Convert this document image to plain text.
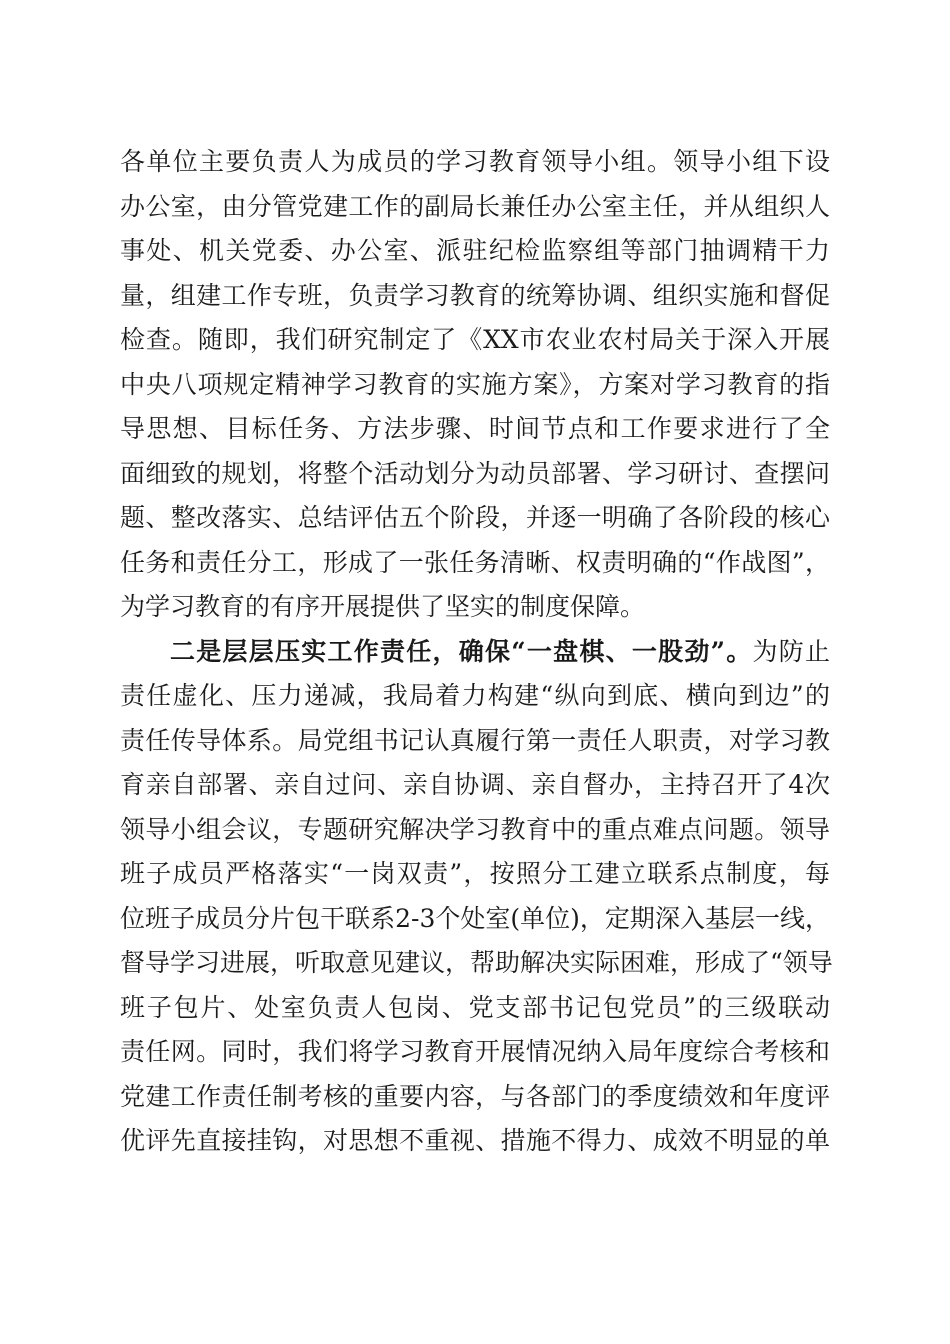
各单位主要负责人为成员的学习教育领导小组。领导小组下设
办公室，由分管党建工作的副局长兼任办公室主任，并从组织人
事处、机关党委、办公室、派驻纪检监察组等部门抽调精干力
量，组建工作专班，负责学习教育的统筹协调、组织实施和督促
检查。随即，我们研究制定了《XX市农业农村局关于深入开展
中央八项规定精神学习教育的实施方案》，方案对学习教育的指
导思想、目标任务、方法步骤、时间节点和工作要求进行了全
面细致的规划，将整个活动划分为动员部署、学习研讨、查摆问
题、整改落实、总结评估五个阶段，并逐一明确了各阶段的核心
任务和责任分工，形成了一张任务清晰、权责明确的“作战图”，
为学习教育的有序开展提供了坚实的制度保障。
二是层层压实工作责任，确保“一盘棋、一股劲”。为防止
责任虚化、压力递减，我局着力构建“纵向到底、横向到边”的
责任传导体系。局党组书记认真履行第一责任人职责，对学习教
育亲自部署、亲自过问、亲自协调、亲自督办，主持召开了4次
领导小组会议，专题研究解决学习教育中的重点难点问题。领导
班子成员严格落实“一岗双责”，按照分工建立联系点制度，每
位班子成员分片包干联系2-3个处室(单位)，定期深入基层一线，
督导学习进展，听取意见建议，帮助解决实际困难，形成了“领导
班子包片、处室负责人包岗、党支部书记包党员”的三级联动
责任网。同时，我们将学习教育开展情况纳入局年度综合考核和
党建工作责任制考核的重要内容，与各部门的季度绩效和年度评
优评先直接挂钩，对思想不重视、措施不得力、成效不明显的单
